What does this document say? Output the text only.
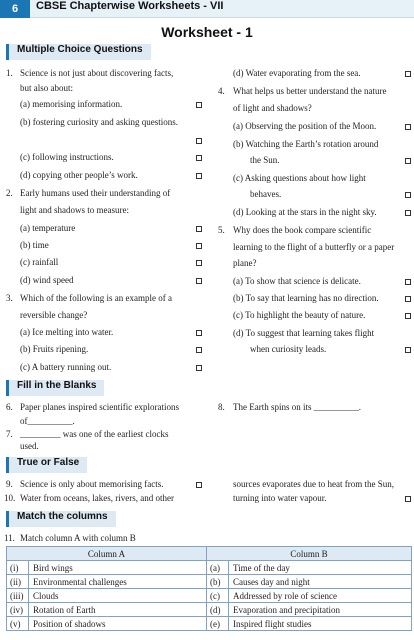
6	CBSE Chapterwise Worksheets - VII
Worksheet - 1
Multiple Choice Questions
1. Science is not just about discovering facts,
but also about:
(a) memorising information.
(b) fostering curiosity and asking questions.
(c) following instructions.
(d) copying other people’s work.
2. Early humans used their understanding of
light and shadows to measure:
(a) temperature
(b) time
(c) rainfall
(d) wind speed
3. Which of the following is an example of a
reversible change?
(a) Ice melting into water.
(b) Fruits ripening.
(c) A battery running out.
(d) Water evaporating from the sea.
4. What helps us better understand the nature
of light and shadows?
(a) Observing the position of the Moon.
(b) Watching the Earth’s rotation around
the Sun.
(c) Asking questions about how light
behaves.
(d) Looking at the stars in the night sky.
5. Why does the book compare scientific
learning to the flight of a butterfly or a paper
plane?
(a) To show that science is delicate.
(b) To say that learning has no direction.
(c) To highlight the beauty of nature.
(d) To suggest that learning takes flight
when curiosity leads.
Fill in the Blanks
6. Paper planes inspired scientific explorations
of__________.
7. _________ was one of the earliest clocks
used.
8. The Earth spins on its __________.
True or False
9. Science is only about memorising facts.
10. Water from oceans, lakes, rivers, and other
sources evaporates due to heat from the Sun,
turning into water vapour.
Match the columns
11. Match column A with column B
Column A		Column B	
(i)	Bird wings	(a)	Time of the day
(ii)	Environmental challenges	(b)	Causes day and night
(iii)	Clouds	(c)	Addressed by role of science
(iv)	Rotation of Earth	(d)	Evaporation and precipitation
(v)	Position of shadows	(e)	Inspired flight studies
